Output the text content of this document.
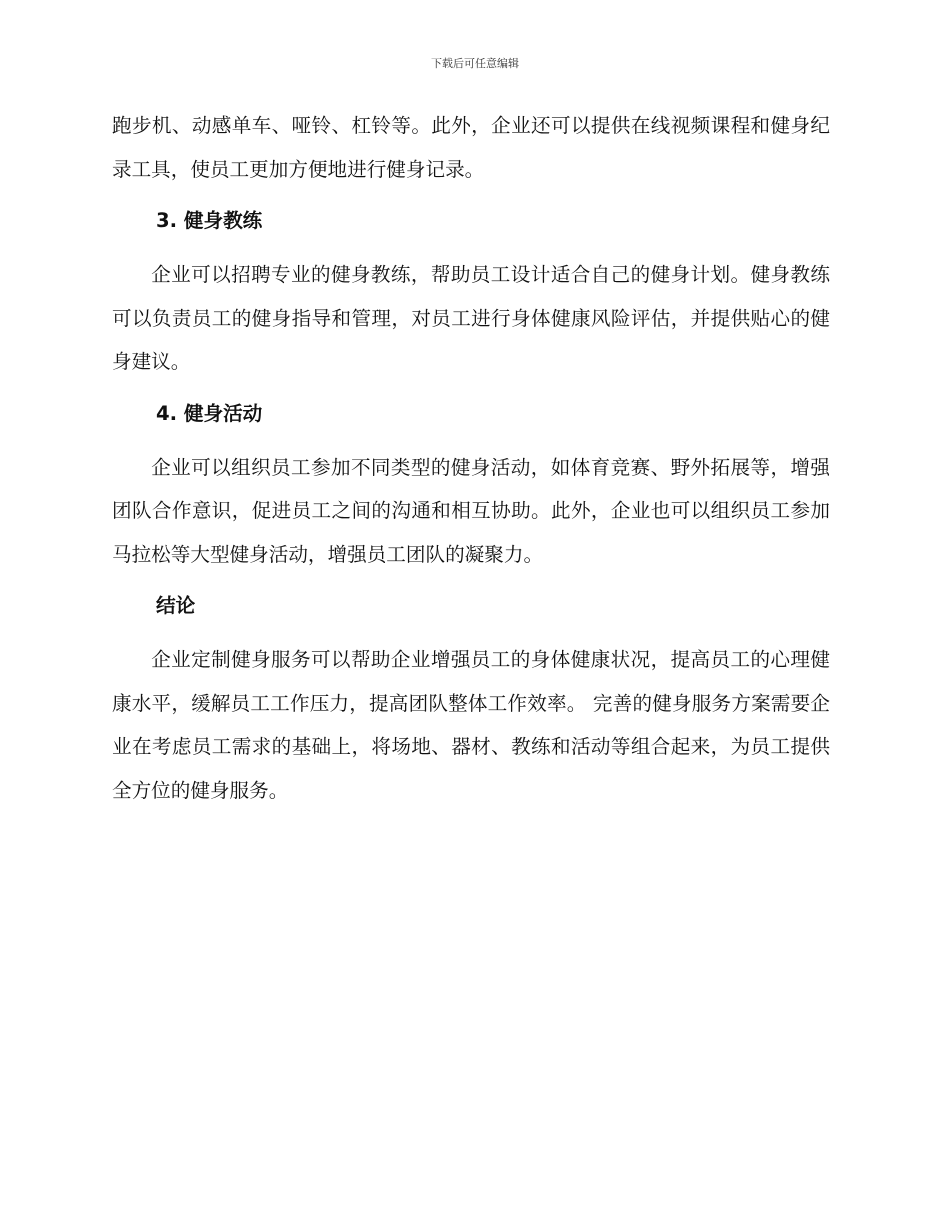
下载后可任意编辑

跑步机、动感单车、哑铃、杠铃等。此外，企业还可以提供在线视频课程和健身纪录工具，使员工更加方便地进行健身记录。

3. 健身教练

企业可以招聘专业的健身教练，帮助员工设计适合自己的健身计划。健身教练可以负责员工的健身指导和管理，对员工进行身体健康风险评估，并提供贴心的健身建议。

4. 健身活动

企业可以组织员工参加不同类型的健身活动，如体育竞赛、野外拓展等，增强团队合作意识，促进员工之间的沟通和相互协助。此外，企业也可以组织员工参加马拉松等大型健身活动，增强员工团队的凝聚力。

结论

企业定制健身服务可以帮助企业增强员工的身体健康状况，提高员工的心理健康水平，缓解员工工作压力，提高团队整体工作效率。 完善的健身服务方案需要企业在考虑员工需求的基础上，将场地、器材、教练和活动等组合起来，为员工提供全方位的健身服务。
